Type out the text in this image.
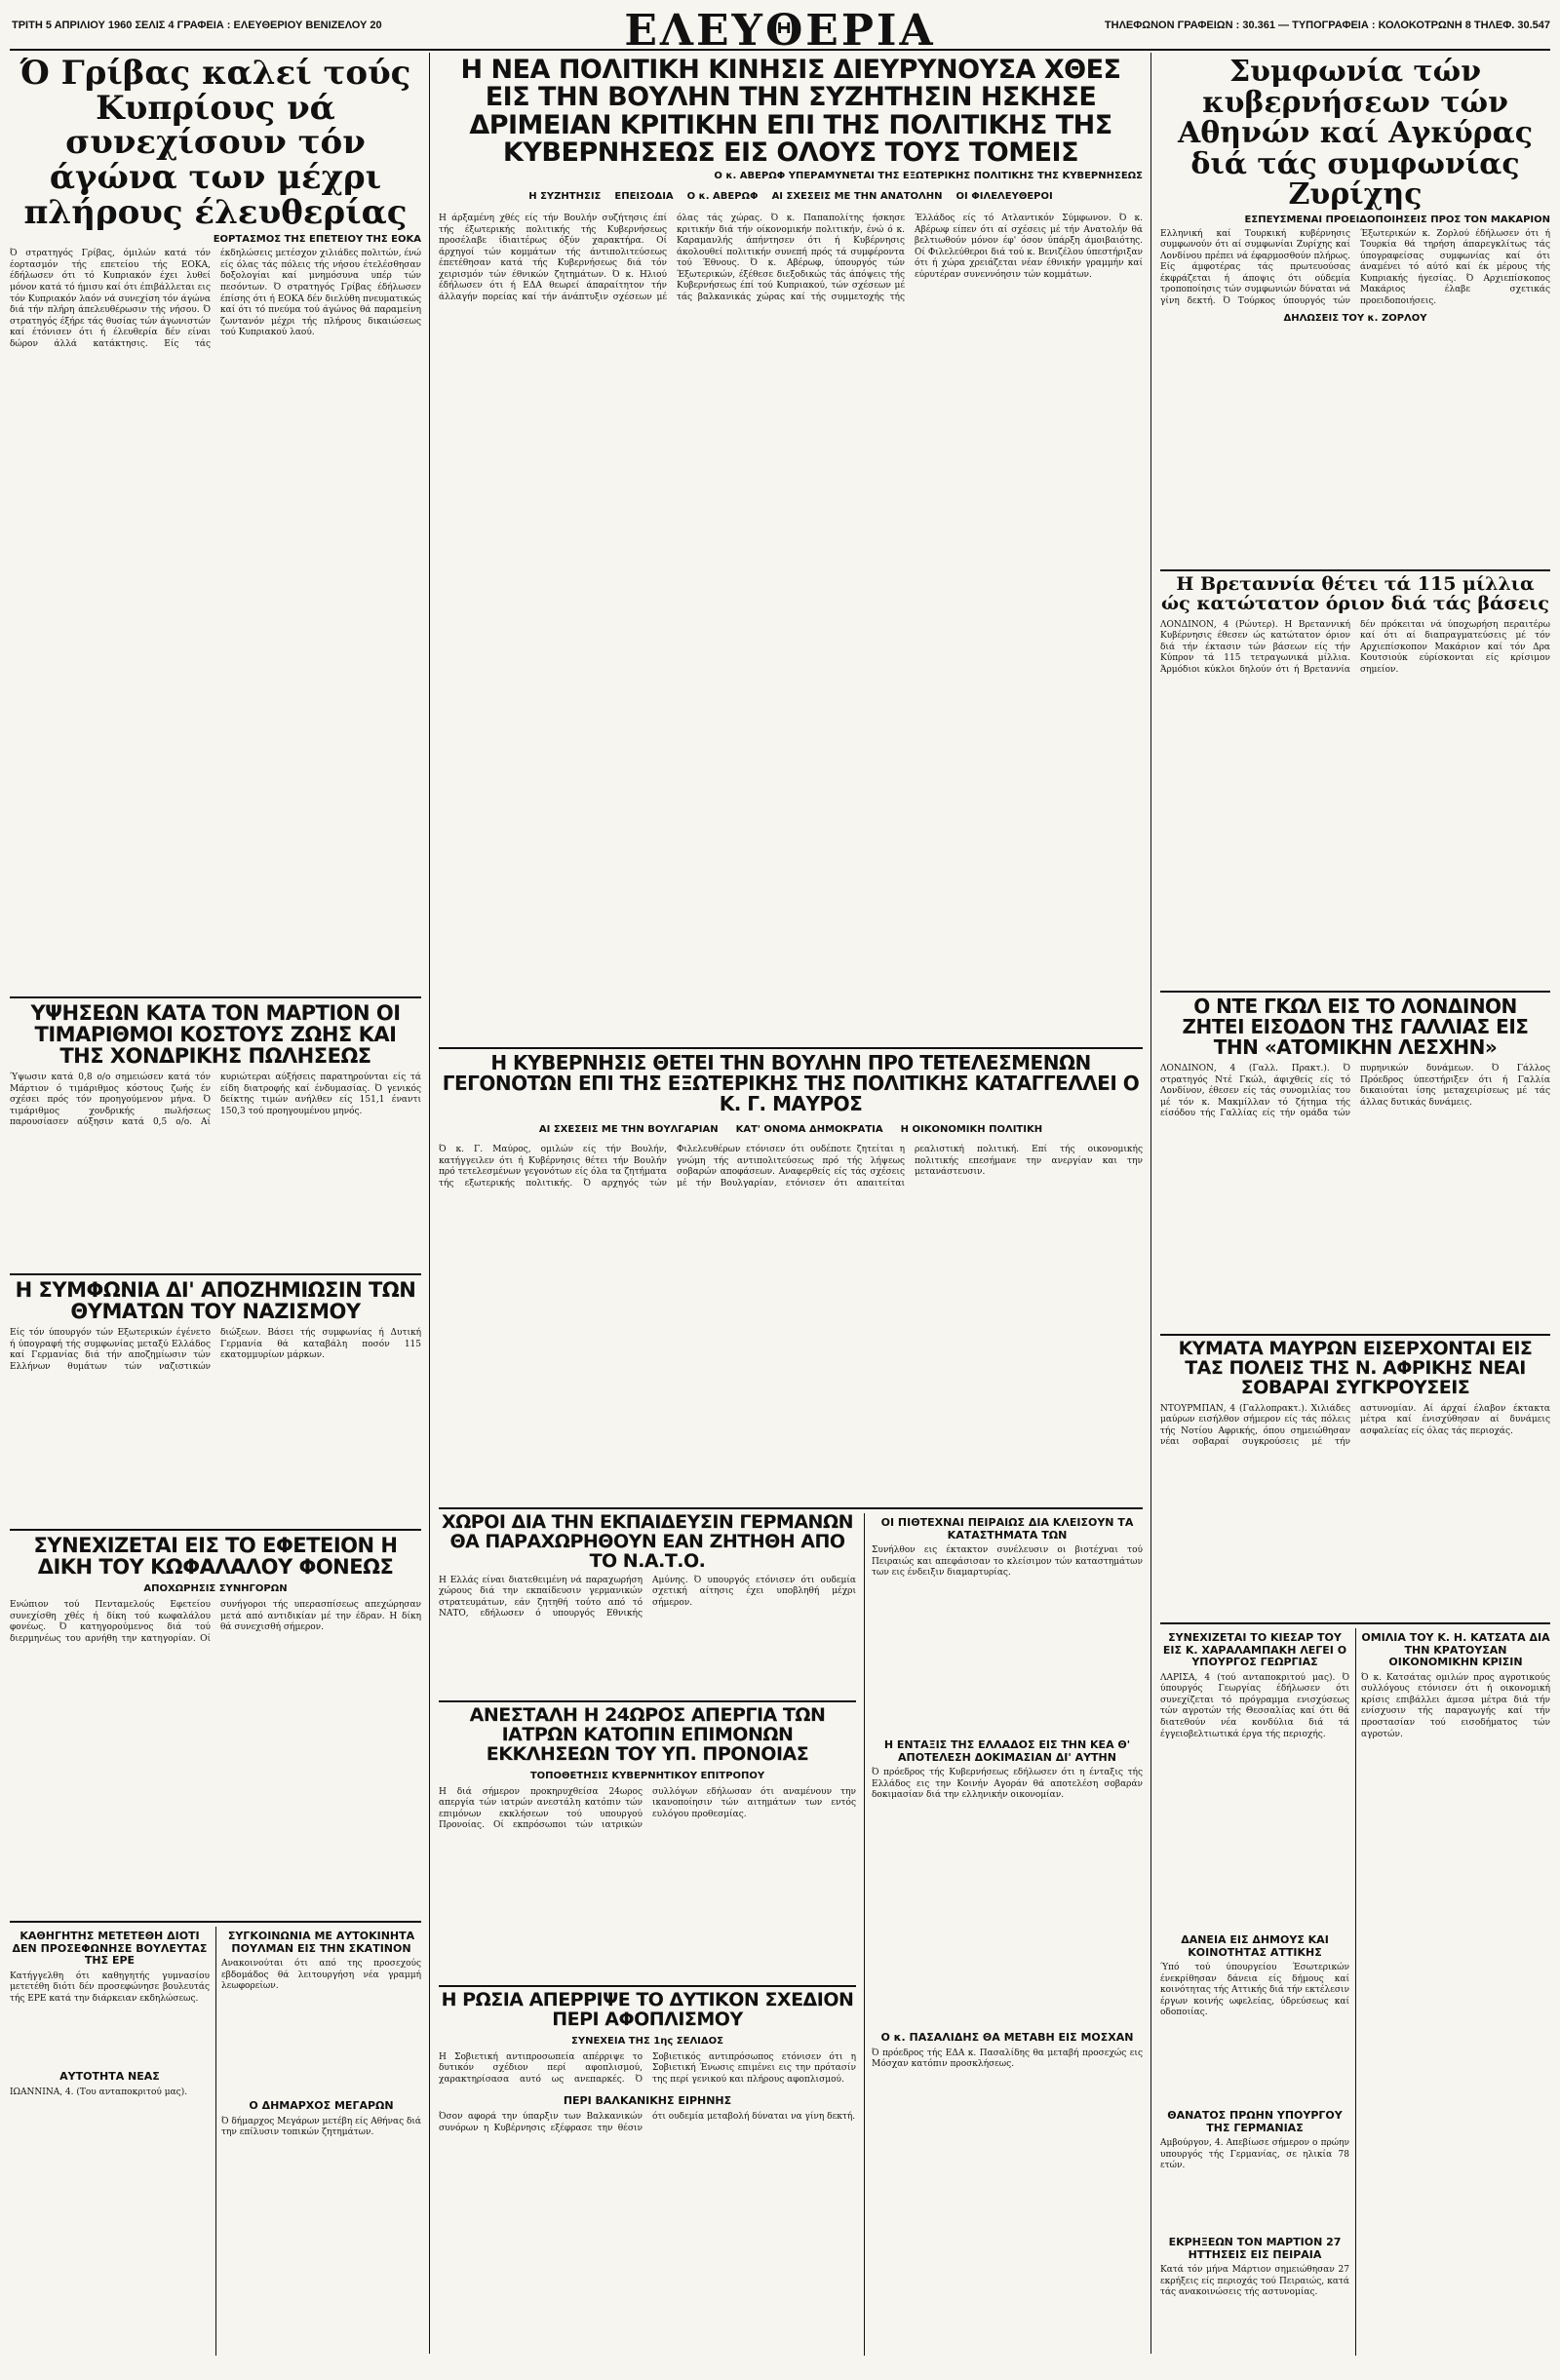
ΤΡΙΤΗ 5 ΑΠΡΙΛΙΟΥ 1960 ΣΕΛΙΣ 4 ΓΡΑΦΕΙΑ : ΕΛΕΥΘΕΡΙΟΥ ΒΕΝΙΖΕΛΟΥ 20	ΕΛΕΥΘΕΡΙΑ	ΤΗΛΕΦΩΝΟΝ ΓΡΑΦΕΙΩΝ : 30.361 — ΤΥΠΟΓΡΑΦΕΙΑ : ΚΟΛΟΚΟΤΡΩΝΗ 8 ΤΗΛΕΦ. 30.547
Ό Γρίβας καλεί τούς Κυπρίους νά συνεχίσουν τόν άγώνα των μέχρι πλήρους έλευθερίας
ΕΟΡΤΑΣΜΟΣ ΤΗΣ ΕΠΕΤΕΙΟΥ ΤΗΣ ΕΟΚΑ

Ό στρατηγός Γρίβας, όμιλών κατά τόν έορτασμόν τής επετείου τής ΕΟΚΑ, έδήλωσεν ότι τό Κυπριακόν έχει λυθεί μόνον κατά τό ήμισυ καί ότι έπιβάλλεται εις τόν Κυπριακόν λαόν νά συνεχίση τόν άγώνα διά τήν πλήρη άπελευθέρωσιν τής νήσου. Ό στρατηγός έξήρε τάς θυσίας τών άγωνιστών καί έτόνισεν ότι ή έλευθερία δέν είναι δώρον άλλά κατάκτησις. Είς τάς έκδηλώσεις μετέσχον χιλιάδες πολιτών, ένώ είς όλας τάς πόλεις τής νήσου έτελέσθησαν δοξολογίαι καί μνημόσυνα υπέρ τών πεσόντων. Ό στρατηγός Γρίβας έδήλωσεν έπίσης ότι ή ΕΟΚΑ δέν διελύθη πνευματικώς καί ότι τό πνεύμα τού άγώνος θά παραμείνη ζωντανόν μέχρι τής πλήρους δικαιώσεως τού Κυπριακού λαού.

ΥΨΗΣΕΩΝ ΚΑΤΑ ΤΟΝ ΜΑΡΤΙΟΝ ΟΙ ΤΙΜΑΡΙΘΜΟΙ ΚΟΣΤΟΥΣ ΖΩΗΣ ΚΑΙ ΤΗΣ ΧΟΝΔΡΙΚΗΣ ΠΩΛΗΣΕΩΣ

Ύψωσιν κατά 0,8 ο/ο σημειώσεν κατά τόν Μάρτιον ό τιμάριθμος κόστους ζωής έν σχέσει πρός τόν προηγούμενον μήνα. Ό τιμάριθμος χονδρικής πωλήσεως παρουσίασεν αύξησιν κατά 0,5 ο/ο. Αί κυριώτεραι αύξήσεις παρατηρούνται είς τά είδη διατροφής καί ένδυμασίας. Ό γενικός δείκτης τιμών ανήλθεν είς 151,1 έναντι 150,3 τού προηγουμένου μηνός.

Η ΣΥΜΦΩΝΙΑ ΔΙ' ΑΠΟΖΗΜΙΩΣΙΝ ΤΩΝ ΘΥΜΑΤΩΝ ΤΟΥ ΝΑΖΙΣΜΟΥ

Είς τόν ύπουργόν τών Εξωτερικών έγένετο ή ύπογραφή τής συμφωνίας μεταξύ Ελλάδος καί Γερμανίας διά τήν αποζημίωσιν τών Ελλήνων θυμάτων τών ναζιστικών διώξεων. Βάσει τής συμφωνίας ή Δυτική Γερμανία θά καταβάλη ποσόν 115 εκατομμυρίων μάρκων.

ΣΥΝΕΧΙΖΕΤΑΙ ΕΙΣ ΤΟ ΕΦΕΤΕΙΟΝ Η ΔΙΚΗ ΤΟΥ ΚΩΦΑΛΑΛΟΥ ΦΟΝΕΩΣ
ΑΠΟΧΩΡΗΣΙΣ ΣΥΝΗΓΟΡΩΝ

Ενώπιον τού Πενταμελούς Εφετείου συνεχίσθη χθές ή δίκη τού κωφαλάλου φονέως. Ό κατηγορούμενος διά τού διερμηνέως του αρνήθη την κατηγορίαν. Οί συνήγοροι τής υπερασπίσεως απεχώρησαν μετά από αντιδικίαν μέ την έδραν. Η δίκη θά συνεχισθή σήμερον.

ΚΑΘΗΓΗΤΗΣ ΜΕΤΕΤΕΘΗ ΔΙΟΤΙ ΔΕΝ ΠΡΟΣΕΦΩΝΗΣΕ ΒΟΥΛΕΥΤΑΣ ΤΗΣ ΕΡΕ

Κατήγγελθη ότι καθηγητής γυμνασίου μετετέθη διότι δέν προσεφώνησε βουλευτάς τής ΕΡΕ κατά την διάρκειαν εκδηλώσεως.

ΣΥΓΚΟΙΝΩΝΙΑ ΜΕ ΑΥΤΟΚΙΝΗΤΑ ΠΟΥΛΜΑΝ ΕΙΣ ΤΗΝ ΣΚΑΤΙΝΟΝ

Ανακοινούται ότι από της προσεχούς εβδομάδος θά λειτουργήση νέα γραμμή λεωφορείων.

ΑΥΤΟΤΗΤΑ ΝΕΑΣ

ΙΩΑΝΝΙΝΑ, 4. (Του ανταποκριτού μας).

Ο ΔΗΜΑΡΧΟΣ ΜΕΓΑΡΩΝ

Ό δήμαρχος Μεγάρων μετέβη είς Αθήνας διά την επίλυσιν τοπικών ζητημάτων.

Η ΝΕΑ ΠΟΛΙΤΙΚΗ ΚΙΝΗΣΙΣ ΔΙΕΥΡΥΝΟΥΣΑ ΧΘΕΣ ΕΙΣ ΤΗΝ ΒΟΥΛΗΝ ΤΗΝ ΣΥΖΗΤΗΣΙΝ ΗΣΚΗΣΕ ΔΡΙΜΕΙΑΝ ΚΡΙΤΙΚΗΝ ΕΠΙ ΤΗΣ ΠΟΛΙΤΙΚΗΣ ΤΗΣ ΚΥΒΕΡΝΗΣΕΩΣ ΕΙΣ ΟΛΟΥΣ ΤΟΥΣ ΤΟΜΕΙΣ
Ο κ. ΑΒΕΡΩΦ ΥΠΕΡΑΜΥΝΕΤΑΙ ΤΗΣ ΕΞΩΤΕΡΙΚΗΣ ΠΟΛΙΤΙΚΗΣ ΤΗΣ ΚΥΒΕΡΝΗΣΕΩΣ
Η ΣΥΖΗΤΗΣΙΣ ΕΠΕΙΣΟΔΙΑ Ο κ. ΑΒΕΡΩΦ ΑΙ ΣΧΕΣΕΙΣ ΜΕ ΤΗΝ ΑΝΑΤΟΛΗΝ ΟΙ ΦΙΛΕΛΕΥΘΕΡΟΙ

Η άρξαμένη χθές είς τήν Βουλήν συζήτησις έπί τής έξωτερικής πολιτικής τής Κυβερνήσεως προσέλαβε ίδιαιτέρως όξύν χαρακτήρα. Οί άρχηγοί τών κομμάτων τής άντιπολιτεύσεως έπετέθησαν κατά τής Κυβερνήσεως διά τόν χειρισμόν τών έθνικών ζητημάτων. Ό κ. Ηλιού έδήλωσεν ότι ή ΕΔΑ θεωρεί άπαραίτητον τήν άλλαγήν πορείας καί τήν άνάπτυξιν σχέσεων μέ όλας τάς χώρας. Ό κ. Παπαπολίτης ήσκησε κριτικήν διά τήν οίκονομικήν πολιτικήν, ένώ ό κ. Καραμανλής άπήντησεν ότι ή Κυβέρνησις άκολουθεί πολιτικήν συνεπή πρός τά συμφέροντα τού Έθνους. Ό κ. Αβέρωφ, ύπουργός τών Έξωτερικών, έξέθεσε διεξοδικώς τάς άπόψεις τής Κυβερνήσεως έπί τού Κυπριακού, τών σχέσεων μέ τάς βαλκανικάς χώρας καί τής συμμετοχής τής Έλλάδος είς τό Ατλαντικόν Σύμφωνον. Ό κ. Αβέρωφ είπεν ότι αί σχέσεις μέ τήν Ανατολήν θά βελτιωθούν μόνον έφ' όσον ύπάρξη άμοιβαιότης. Οί Φιλελεύθεροι διά τού κ. Βενιζέλου ύπεστήριξαν ότι ή χώρα χρειάζεται νέαν έθνικήν γραμμήν καί εύρυτέραν συνεννόησιν τών κομμάτων.

Η ΚΥΒΕΡΝΗΣΙΣ ΘΕΤΕΙ ΤΗΝ ΒΟΥΛΗΝ ΠΡΟ ΤΕΤΕΛΕΣΜΕΝΩΝ ΓΕΓΟΝΟΤΩΝ ΕΠΙ ΤΗΣ ΕΞΩΤΕΡΙΚΗΣ ΤΗΣ ΠΟΛΙΤΙΚΗΣ ΚΑΤΑΓΓΕΛΛΕΙ Ο Κ. Γ. ΜΑΥΡΟΣ
ΑΙ ΣΧΕΣΕΙΣ ΜΕ ΤΗΝ ΒΟΥΛΓΑΡΙΑΝ ΚΑΤ' ΟΝΟΜΑ ΔΗΜΟΚΡΑΤΙΑ Η ΟΙΚΟΝΟΜΙΚΗ ΠΟΛΙΤΙΚΗ

Ό κ. Γ. Μαύρος, ομιλών είς τήν Βουλήν, κατήγγειλεν ότι ή Κυβέρνησις θέτει τήν Βουλήν πρό τετελεσμένων γεγονότων είς όλα τα ζητήματα τής εξωτερικής πολιτικής. Ό αρχηγός τών Φιλελευθέρων ετόνισεν ότι ουδέποτε ζητείται η γνώμη τής αντιπολιτεύσεως πρό τής λήψεως σοβαρών αποφάσεων. Αναφερθείς είς τάς σχέσεις μέ τήν Βουλγαρίαν, ετόνισεν ότι απαιτείται ρεαλιστική πολιτική. Επί τής οικονομικής πολιτικής επεσήμανε την ανεργίαν και την μετανάστευσιν.

ΧΩΡΟΙ ΔΙΑ ΤΗΝ ΕΚΠΑΙΔΕΥΣΙΝ ΓΕΡΜΑΝΩΝ ΘΑ ΠΑΡΑΧΩΡΗΘΟΥΝ ΕΑΝ ΖΗΤΗΘΗ ΑΠΟ ΤΟ Ν.Α.Τ.Ο.

Η Ελλάς είναι διατεθειμένη νά παραχωρήση χώρους διά την εκπαίδευσιν γερμανικών στρατευμάτων, εάν ζητηθή τούτο από τό ΝΑΤΟ, εδήλωσεν ό υπουργός Εθνικής Αμύνης. Ό υπουργός ετόνισεν ότι ουδεμία σχετική αίτησις έχει υποβληθή μέχρι σήμερον.

ΑΝΕΣΤΑΛΗ Η 24ΩΡΟΣ ΑΠΕΡΓΙΑ ΤΩΝ ΙΑΤΡΩΝ ΚΑΤΟΠΙΝ ΕΠΙΜΟΝΩΝ ΕΚΚΛΗΣΕΩΝ ΤΟΥ ΥΠ. ΠΡΟΝΟΙΑΣ
ΤΟΠΟΘΕΤΗΣΙΣ ΚΥΒΕΡΝΗΤΙΚΟΥ ΕΠΙΤΡΟΠΟΥ

Η διά σήμερον προκηρυχθείσα 24ωρος απεργία τών ιατρών ανεστάλη κατόπιν τών επιμόνων εκκλήσεων τού υπουργού Προνοίας. Οί εκπρόσωποι τών ιατρικών συλλόγων εδήλωσαν ότι αναμένουν την ικανοποίησιν τών αιτημάτων των εντός ευλόγου προθεσμίας.

Η ΡΩΣΙΑ ΑΠΕΡΡΙΨΕ ΤΟ ΔΥΤΙΚΟΝ ΣΧΕΔΙΟΝ ΠΕΡΙ ΑΦΟΠΛΙΣΜΟΥ
ΣΥΝΕΧΕΙΑ ΤΗΣ 1ης ΣΕΛΙΔΟΣ

Η Σοβιετική αντιπροσωπεία απέρριψε το δυτικόν σχέδιον περί αφοπλισμού, χαρακτηρίσασα αυτό ως ανεπαρκές. Ό Σοβιετικός αντιπρόσωπος ετόνισεν ότι η Σοβιετική Ένωσις επιμένει εις την πρότασίν της περί γενικού και πλήρους αφοπλισμού.

ΠΕΡΙ ΒΑΛΚΑΝΙΚΗΣ ΕΙΡΗΝΗΣ

Όσον αφορά την ύπαρξιν των Βαλκανικών συνόρων η Κυβέρνησις εξέφρασε την θέσιν ότι ουδεμία μεταβολή δύναται να γίνη δεκτή.

ΟΙ ΠΙΘΤΕΧΝΑΙ ΠΕΙΡΑΙΩΣ ΔΙΑ ΚΛΕΙΣΟΥΝ ΤΑ ΚΑΤΑΣΤΗΜΑΤΑ ΤΩΝ

Συνήλθον εις έκτακτον συνέλευσιν οι βιοτέχναι τού Πειραιώς και απεφάσισαν το κλείσιμον τών καταστημάτων των εις ένδειξιν διαμαρτυρίας.

Η ΕΝΤΑΞΙΣ ΤΗΣ ΕΛΛΑΔΟΣ ΕΙΣ ΤΗΝ ΚΕΑ Θ' ΑΠΟΤΕΛΕΣΗ ΔΟΚΙΜΑΣΙΑΝ ΔΙ' ΑΥΤΗΝ

Ό πρόεδρος τής Κυβερνήσεως εδήλωσεν ότι η ένταξις τής Ελλάδος εις την Κοινήν Αγοράν θά αποτελέση σοβαράν δοκιμασίαν διά την ελληνικήν οικονομίαν.

Ο κ. ΠΑΣΑΛΙΔΗΣ ΘΑ ΜΕΤΑΒΗ ΕΙΣ ΜΟΣΧΑΝ

Ό πρόεδρος τής ΕΔΑ κ. Πασαλίδης θα μεταβή προσεχώς εις Μόσχαν κατόπιν προσκλήσεως.

Συμφωνία τών κυβερνήσεων τών Αθηνών καί Αγκύρας διά τάς συμφωνίας Ζυρίχης
ΕΣΠΕΥΣΜΕΝΑΙ ΠΡΟΕΙΔΟΠΟΙΗΣΕΙΣ ΠΡΟΣ ΤΟΝ ΜΑΚΑΡΙΟΝ

Ελληνική καί Τουρκική κυβέρνησις συμφωνούν ότι αί συμφωνίαι Ζυρίχης καί Λονδίνου πρέπει νά έφαρμοσθούν πλήρως. Είς άμφοτέρας τάς πρωτευούσας έκφράζεται ή άποψις ότι ούδεμία τροποποίησις τών συμφωνιών δύναται νά γίνη δεκτή. Ό Τούρκος ύπουργός τών Έξωτερικών κ. Ζορλού έδήλωσεν ότι ή Τουρκία θά τηρήση άπαρεγκλίτως τάς ύπογραφείσας συμφωνίας καί ότι άναμένει τό αύτό καί έκ μέρους τής Κυπριακής ήγεσίας. Ό Αρχιεπίσκοπος Μακάριος έλαβε σχετικάς προειδοποιήσεις.

ΔΗΛΩΣΕΙΣ ΤΟΥ κ. ΖΟΡΛΟΥ
Η Βρεταννία θέτει τά 115 μίλλια ώς κατώτατον όριον διά τάς βάσεις

ΛΟΝΔΙΝΟΝ, 4 (Ρώυτερ). Η Βρεταννική Κυβέρνησις έθεσεν ώς κατώτατον όριον διά τήν έκτασιν τών βάσεων είς τήν Κύπρον τά 115 τετραγωνικά μίλλια. Άρμόδιοι κύκλοι δηλούν ότι ή Βρεταννία δέν πρόκειται νά ύποχωρήση περαιτέρω καί ότι αί διαπραγματεύσεις μέ τόν Αρχιεπίσκοπον Μακάριον καί τόν Δρα Κουτσιούκ εύρίσκονται είς κρίσιμον σημείον.

Ο ΝΤΕ ΓΚΩΛ ΕΙΣ ΤΟ ΛΟΝΔΙΝΟΝ ΖΗΤΕΙ ΕΙΣΟΔΟΝ ΤΗΣ ΓΑΛΛΙΑΣ ΕΙΣ ΤΗΝ «ΑΤΟΜΙΚΗΝ ΛΕΣΧΗΝ»

ΛΟΝΔΙΝΟΝ, 4 (Γαλλ. Πρακτ.). Ό στρατηγός Ντέ Γκώλ, άφιχθείς είς τό Λονδίνον, έθεσεν είς τάς συνομιλίας του μέ τόν κ. Μακμίλλαν τό ζήτημα τής είσόδου τής Γαλλίας είς τήν ομάδα τών πυρηνικών δυνάμεων. Ό Γάλλος Πρόεδρος ύπεστήριξεν ότι ή Γαλλία δικαιούται ίσης μεταχειρίσεως μέ τάς άλλας δυτικάς δυνάμεις.

ΚΥΜΑΤΑ ΜΑΥΡΩΝ ΕΙΣΕΡΧΟΝΤΑΙ ΕΙΣ ΤΑΣ ΠΟΛΕΙΣ ΤΗΣ Ν. ΑΦΡΙΚΗΣ ΝΕΑΙ ΣΟΒΑΡΑΙ ΣΥΓΚΡΟΥΣΕΙΣ

ΝΤΟΥΡΜΠΑΝ, 4 (Γαλλοπρακτ.). Χιλιάδες μαύρων εισήλθον σήμερον είς τάς πόλεις τής Νοτίου Αφρικής, όπου σημειώθησαν νέαι σοβαραί συγκρούσεις μέ τήν αστυνομίαν. Αί άρχαί έλαβον έκτακτα μέτρα καί ένισχύθησαν αί δυνάμεις ασφαλείας είς όλας τάς περιοχάς.

ΣΥΝΕΧΙΖΕΤΑΙ ΤΟ ΚΙΕΣΑΡ ΤΟΥ ΕΙΣ Κ. ΧΑΡΑΛΑΜΠΑΚΗ ΛΕΓΕΙ Ο ΥΠΟΥΡΓΟΣ ΓΕΩΡΓΙΑΣ

ΛΑΡΙΣΑ, 4 (τού ανταποκριτού μας). Ό ύπουργός Γεωργίας έδήλωσεν ότι συνεχίζεται τό πρόγραμμα ενισχύσεως τών αγροτών τής Θεσσαλίας καί ότι θά διατεθούν νέα κονδύλια διά τά έγγειοβελτιωτικά έργα τής περιοχής.

ΔΑΝΕΙΑ ΕΙΣ ΔΗΜΟΥΣ ΚΑΙ ΚΟΙΝΟΤΗΤΑΣ ΑΤΤΙΚΗΣ

Ύπό τού ύπουργείου Έσωτερικών ένεκρίθησαν δάνεια είς δήμους καί κοινότητας τής Αττικής διά τήν εκτέλεσιν έργων κοινής ωφελείας, ύδρεύσεως καί οδοποιίας.

ΘΑΝΑΤΟΣ ΠΡΩΗΝ ΥΠΟΥΡΓΟΥ ΤΗΣ ΓΕΡΜΑΝΙΑΣ

Αμβούργον, 4. Απεβίωσε σήμερον ο πρώην υπουργός τής Γερμανίας, σε ηλικία 78 ετών.

ΕΚΡΗΞΕΩΝ ΤΟΝ ΜΑΡΤΙΟΝ 27 ΗΤΤΗΣΕΙΣ ΕΙΣ ΠΕΙΡΑΙΑ

Κατά τόν μήνα Μάρτιον σημειώθησαν 27 εκρήξεις είς περιοχάς τού Πειραιώς, κατά τάς ανακοινώσεις τής αστυνομίας.

ΟΜΙΛΙΑ ΤΟΥ Κ. Η. ΚΑΤΣΑΤΑ ΔΙΑ ΤΗΝ ΚΡΑΤΟΥΣΑΝ ΟΙΚΟΝΟΜΙΚΗΝ ΚΡΙΣΙΝ

Ό κ. Κατσάτας ομιλών προς αγροτικούς συλλόγους ετόνισεν ότι ή οικονομική κρίσις επιβάλλει άμεσα μέτρα διά τήν ενίσχυσιν τής παραγωγής καί τήν προστασίαν τού εισοδήματος τών αγροτών.
